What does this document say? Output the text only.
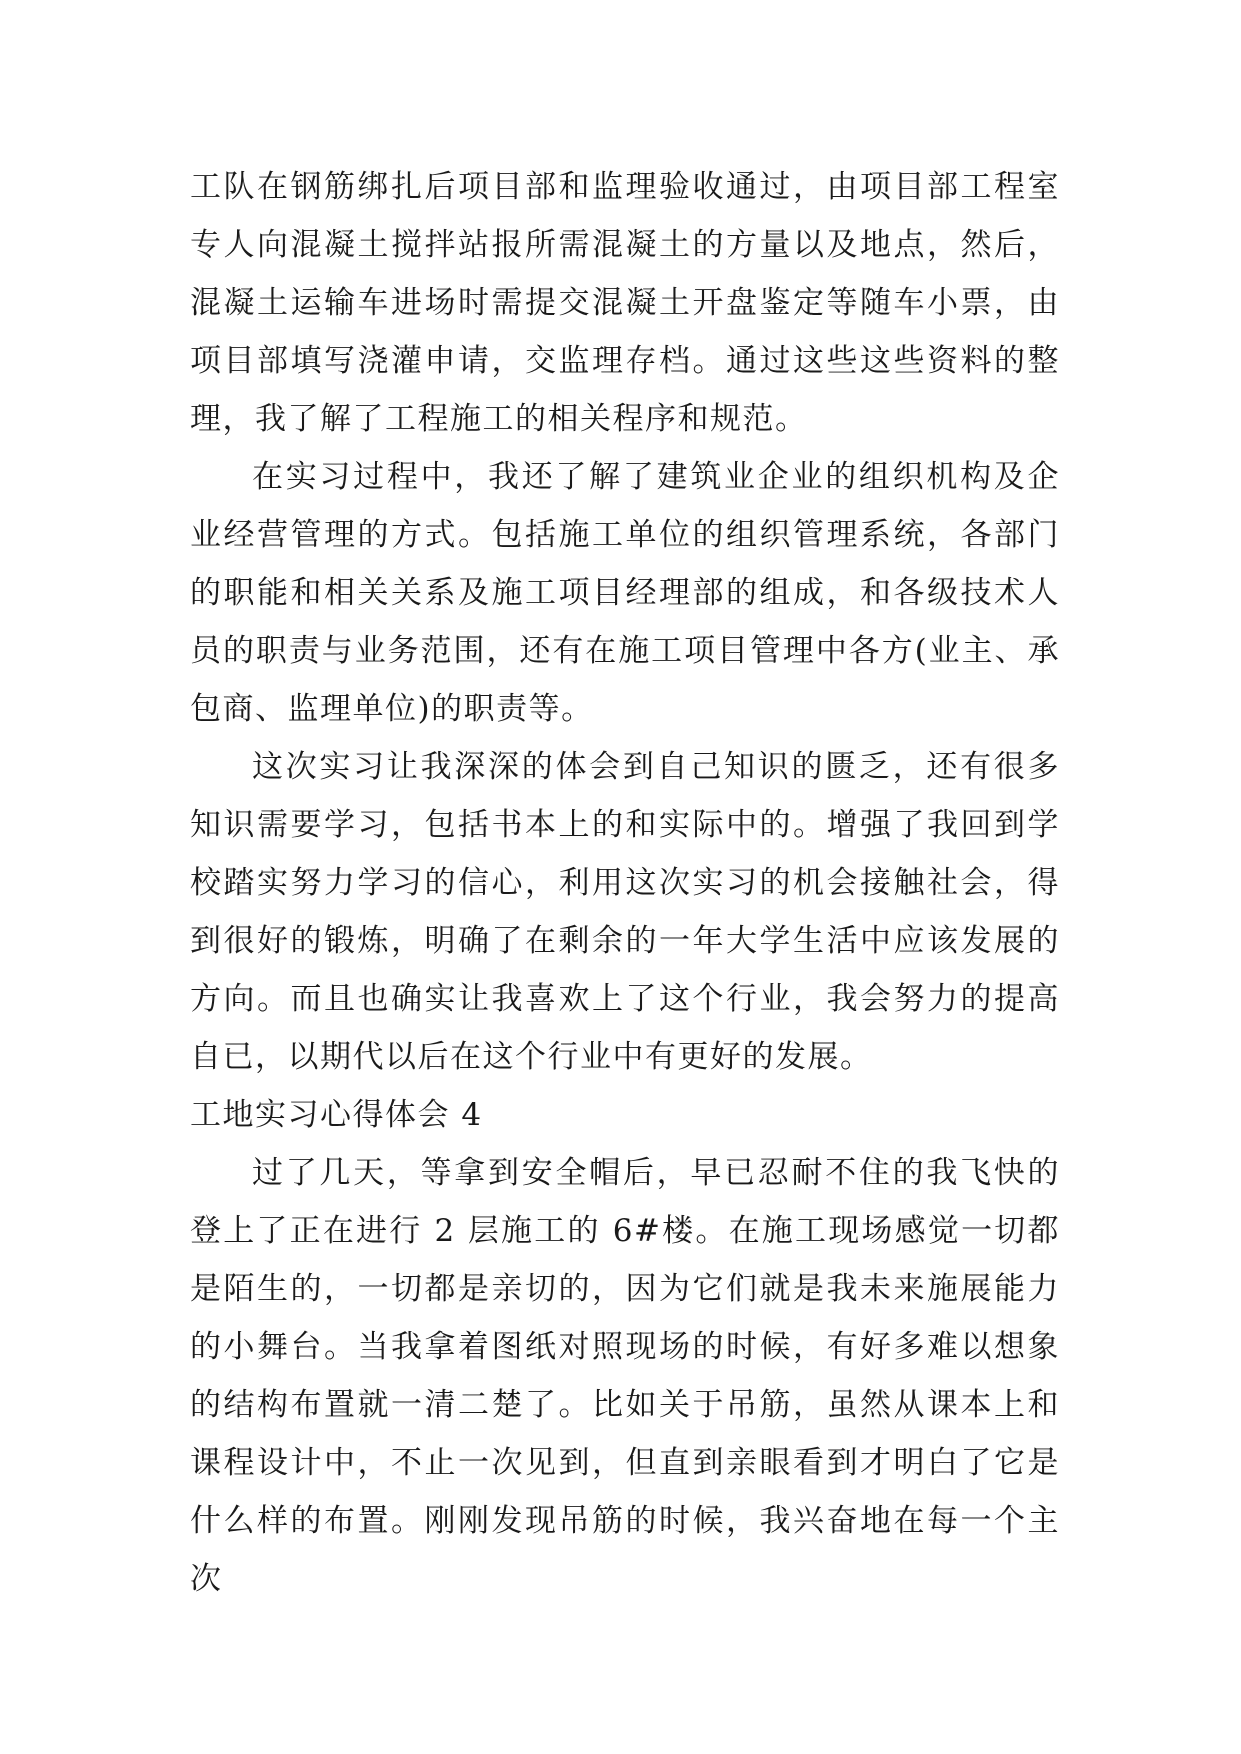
工队在钢筋绑扎后项目部和监理验收通过，由项目部工程室专人向混凝土搅拌站报所需混凝土的方量以及地点，然后，混凝土运输车进场时需提交混凝土开盘鉴定等随车小票，由项目部填写浇灌申请，交监理存档。通过这些这些资料的整理，我了解了工程施工的相关程序和规范。

在实习过程中，我还了解了建筑业企业的组织机构及企业经营管理的方式。包括施工单位的组织管理系统，各部门的职能和相关关系及施工项目经理部的组成，和各级技术人员的职责与业务范围，还有在施工项目管理中各方(业主、承包商、监理单位)的职责等。

这次实习让我深深的体会到自己知识的匮乏，还有很多知识需要学习，包括书本上的和实际中的。增强了我回到学校踏实努力学习的信心，利用这次实习的机会接触社会，得到很好的锻炼，明确了在剩余的一年大学生活中应该发展的方向。而且也确实让我喜欢上了这个行业，我会努力的提高自已，以期代以后在这个行业中有更好的发展。

工地实习心得体会 4

过了几天，等拿到安全帽后，早已忍耐不住的我飞快的登上了正在进行 2 层施工的 6#楼。在施工现场感觉一切都是陌生的，一切都是亲切的，因为它们就是我未来施展能力的小舞台。当我拿着图纸对照现场的时候，有好多难以想象的结构布置就一清二楚了。比如关于吊筋，虽然从课本上和课程设计中，不止一次见到，但直到亲眼看到才明白了它是什么样的布置。刚刚发现吊筋的时候，我兴奋地在每一个主次
